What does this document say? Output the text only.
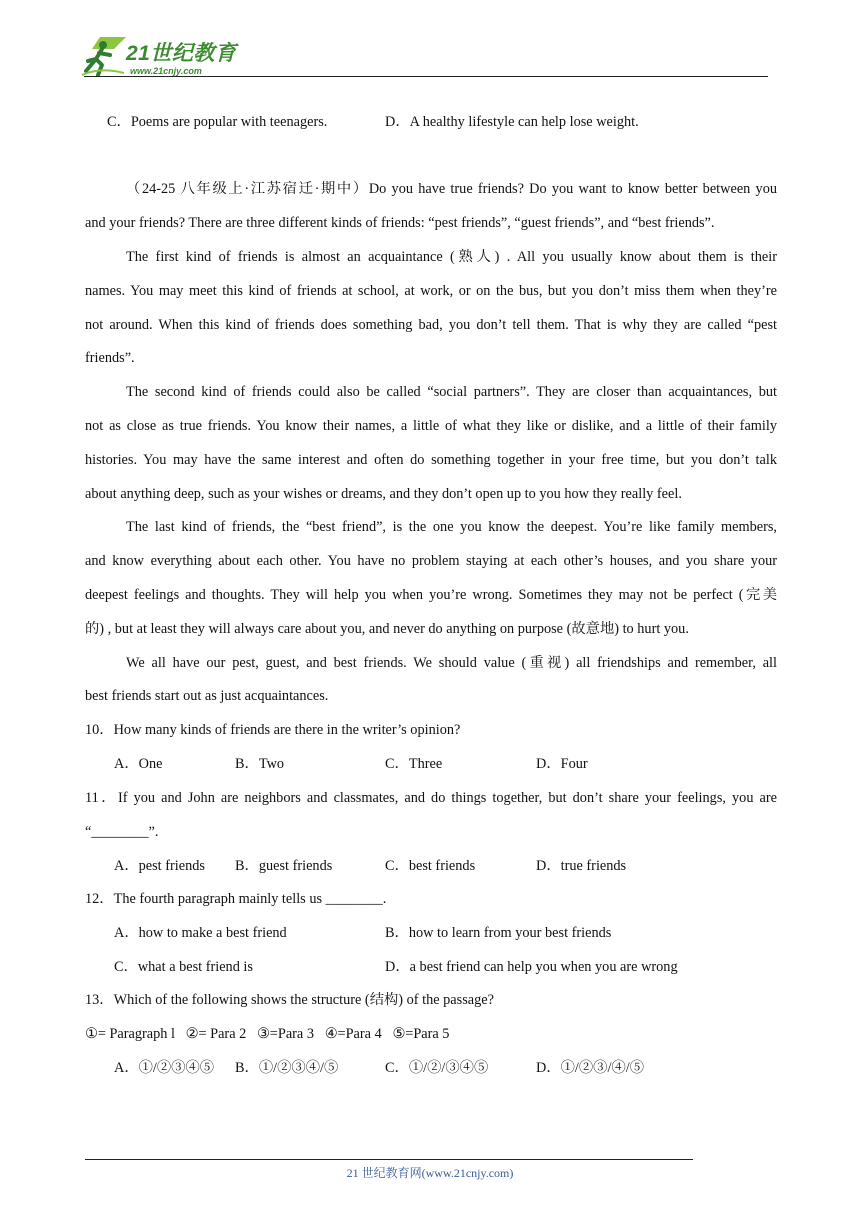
21世纪教育
www.21cnjy.com
C．Poems are popular with teenagers.	D．A healthy lifestyle can help lose weight.
（24-25 八年级上·江苏宿迁·期中）Do you have true friends? Do you want to know better between you
and your friends? There are three different kinds of friends: “pest friends”, “guest friends”, and “best friends”.
The first kind of friends is almost an acquaintance (熟人) . All you usually know about them is their
names. You may meet this kind of friends at school, at work, or on the bus, but you don’t miss them when they’re
not around. When this kind of friends does something bad, you don’t tell them. That is why they are called “pest
friends”.
The second kind of friends could also be called “social partners”. They are closer than acquaintances, but
not as close as true friends. You know their names, a little of what they like or dislike, and a little of their family
histories. You may have the same interest and often do something together in your free time, but you don’t talk
about anything deep, such as your wishes or dreams, and they don’t open up to you how they really feel.
The last kind of friends, the “best friend”, is the one you know the deepest. You’re like family members,
and know everything about each other. You have no problem staying at each other’s houses, and you share your
deepest feelings and thoughts. They will help you when you’re wrong. Sometimes they may not be perfect (完美
的) , but at least they will always care about you, and never do anything on purpose (故意地) to hurt you.
We all have our pest, guest, and best friends. We should value (重视) all friendships and remember, all
best friends start out as just acquaintances.
10．How many kinds of friends are there in the writer’s opinion?
A．One	B．Two	C．Three	D．Four
11．If you and John are neighbors and classmates, and do things together, but don’t share your feelings, you are
“________”.
A．pest friends B．guest friends	C．best friends	D．true friends
12．The fourth paragraph mainly tells us ________.
A．how to make a best friend	B．how to learn from your best friends
C．what a best friend is	D．a best friend can help you when you are wrong
13．Which of the following shows the structure (结构) of the passage?
①= Paragraph l   ②= Para 2   ③=Para 3   ④=Para 4   ⑤=Para 5
A．①/②③④⑤ B．①/②③④/⑤	C．①/②/③④⑤	D．①/②③/④/⑤
21 世纪教育网(www.21cnjy.com)
